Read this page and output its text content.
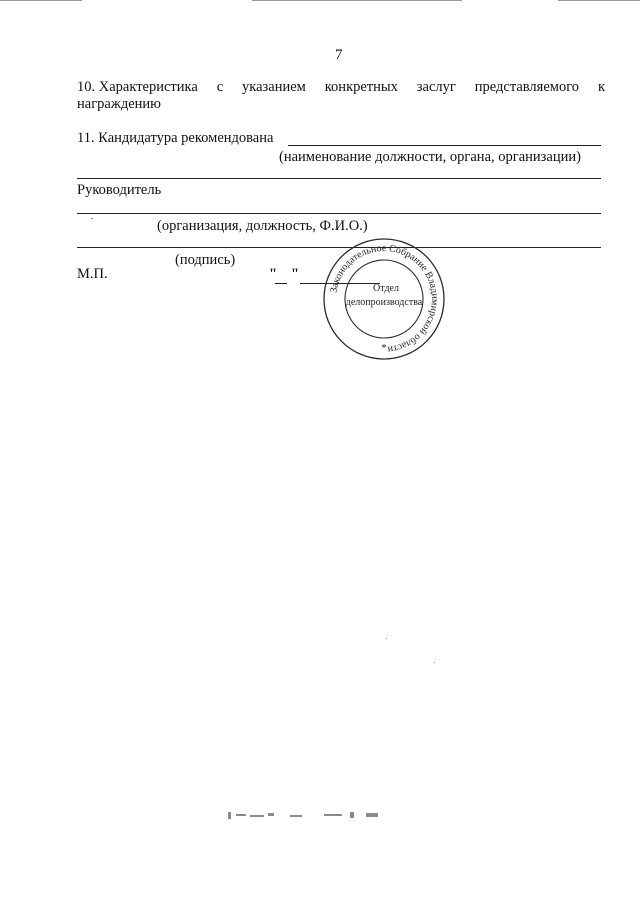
7
10. Характеристика с указанием конкретных заслуг представляемого к
награждению
11. Кандидатура рекомендована
(наименование должности, органа, организации)
Руководитель
(организация, должность, Ф.И.О.)
(подпись)
М.П.	" "
Законодательное Собрание Владимирской области
Отдел
делопроизводства
*
